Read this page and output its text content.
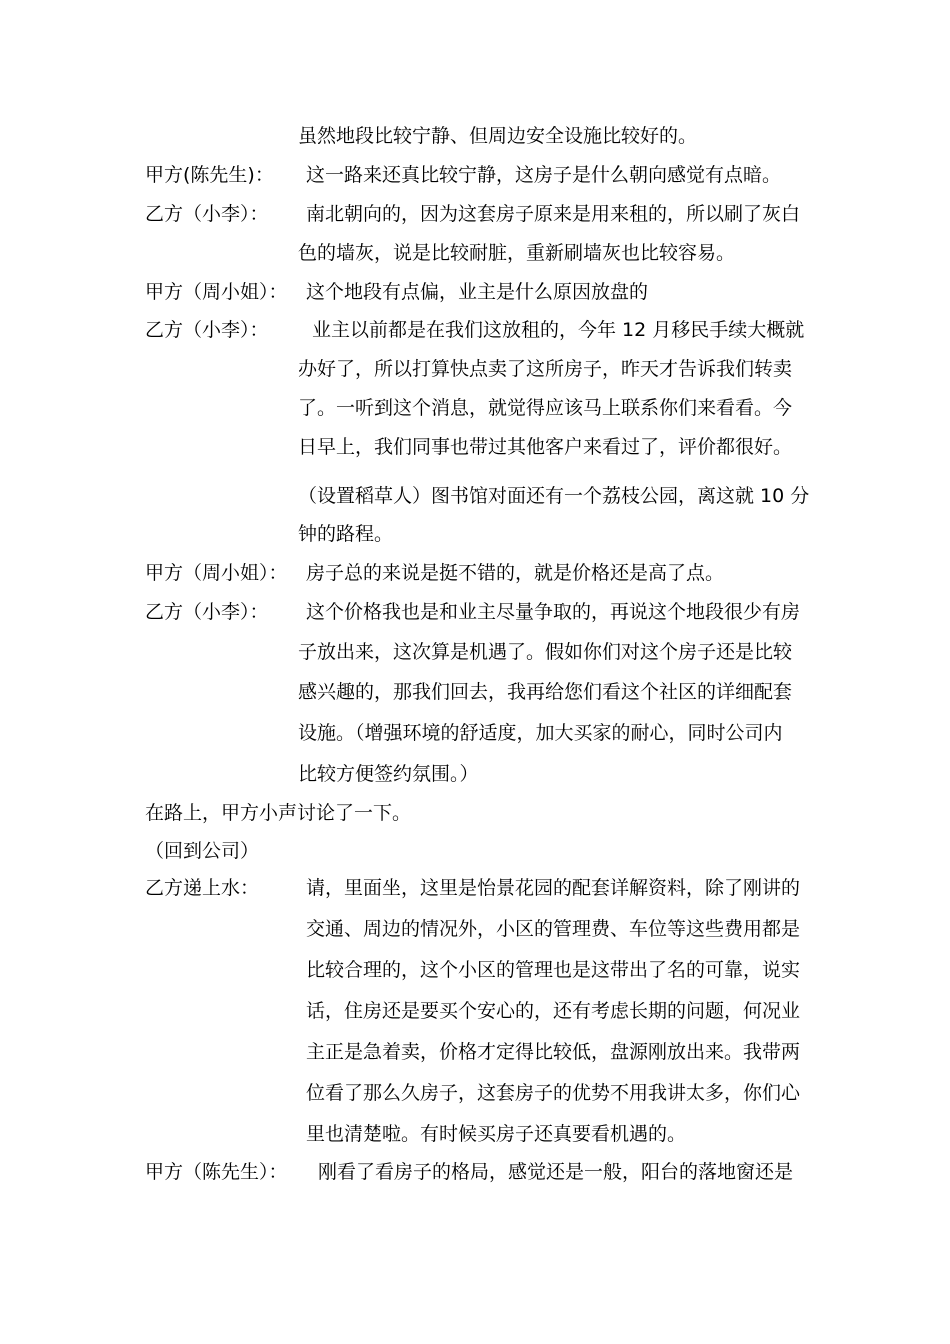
虽然地段比较宁静、但周边安全设施比较好的。
甲方(陈先生)： 这一路来还真比较宁静，这房子是什么朝向感觉有点暗。
乙方（小李）： 南北朝向的，因为这套房子原来是用来租的，所以刷了灰白
色的墙灰，说是比较耐脏，重新刷墙灰也比较容易。
甲方（周小姐）： 这个地段有点偏，业主是什么原因放盘的
乙方（小李）： 业主以前都是在我们这放租的，今年 12 月移民手续大概就
办好了，所以打算快点卖了这所房子，昨天才告诉我们转卖
了。一听到这个消息，就觉得应该马上联系你们来看看。今
日早上，我们同事也带过其他客户来看过了，评价都很好。
（设置稻草人）图书馆对面还有一个荔枝公园，离这就 10 分
钟的路程。
甲方（周小姐）： 房子总的来说是挺不错的，就是价格还是高了点。
乙方（小李）： 这个价格我也是和业主尽量争取的，再说这个地段很少有房
子放出来，这次算是机遇了。假如你们对这个房子还是比较
感兴趣的，那我们回去，我再给您们看这个社区的详细配套
设施。（增强环境的舒适度，加大买家的耐心，同时公司内
比较方便签约氛围。）
在路上，甲方小声讨论了一下。
（回到公司）
乙方递上水： 请，里面坐，这里是怡景花园的配套详解资料，除了刚讲的
交通、周边的情况外，小区的管理费、车位等这些费用都是
比较合理的，这个小区的管理也是这带出了名的可靠，说实
话，住房还是要买个安心的，还有考虑长期的问题，何况业
主正是急着卖，价格才定得比较低，盘源刚放出来。我带两
位看了那么久房子，这套房子的优势不用我讲太多，你们心
里也清楚啦。有时候买房子还真要看机遇的。
甲方（陈先生）： 刚看了看房子的格局，感觉还是一般，阳台的落地窗还是
